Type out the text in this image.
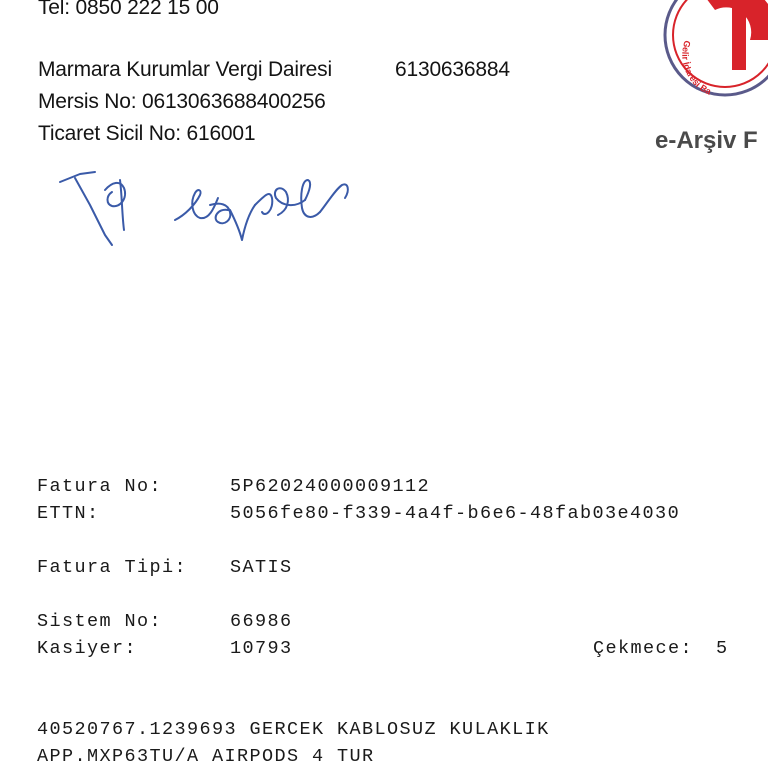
Tel: 0850 222 15 00
Marmara Kurumlar Vergi Dairesi	6130636884
Mersis No: 0613063688400256
Ticaret Sicil No: 616001
Gelir İdaresi Ba
e-Arşiv F
Fatura No:	5P62024000009112
ETTN:	5056fe80-f339-4a4f-b6e6-48fab03e4030
Fatura Tipi: SATIS
Sistem No:	66986
Kasiyer:	10793	Çekmece: 5
40520767.1239693 GERCEK KABLOSUZ KULAKLIK
APP.MXP63TU/A AIRPODS 4 TUR
